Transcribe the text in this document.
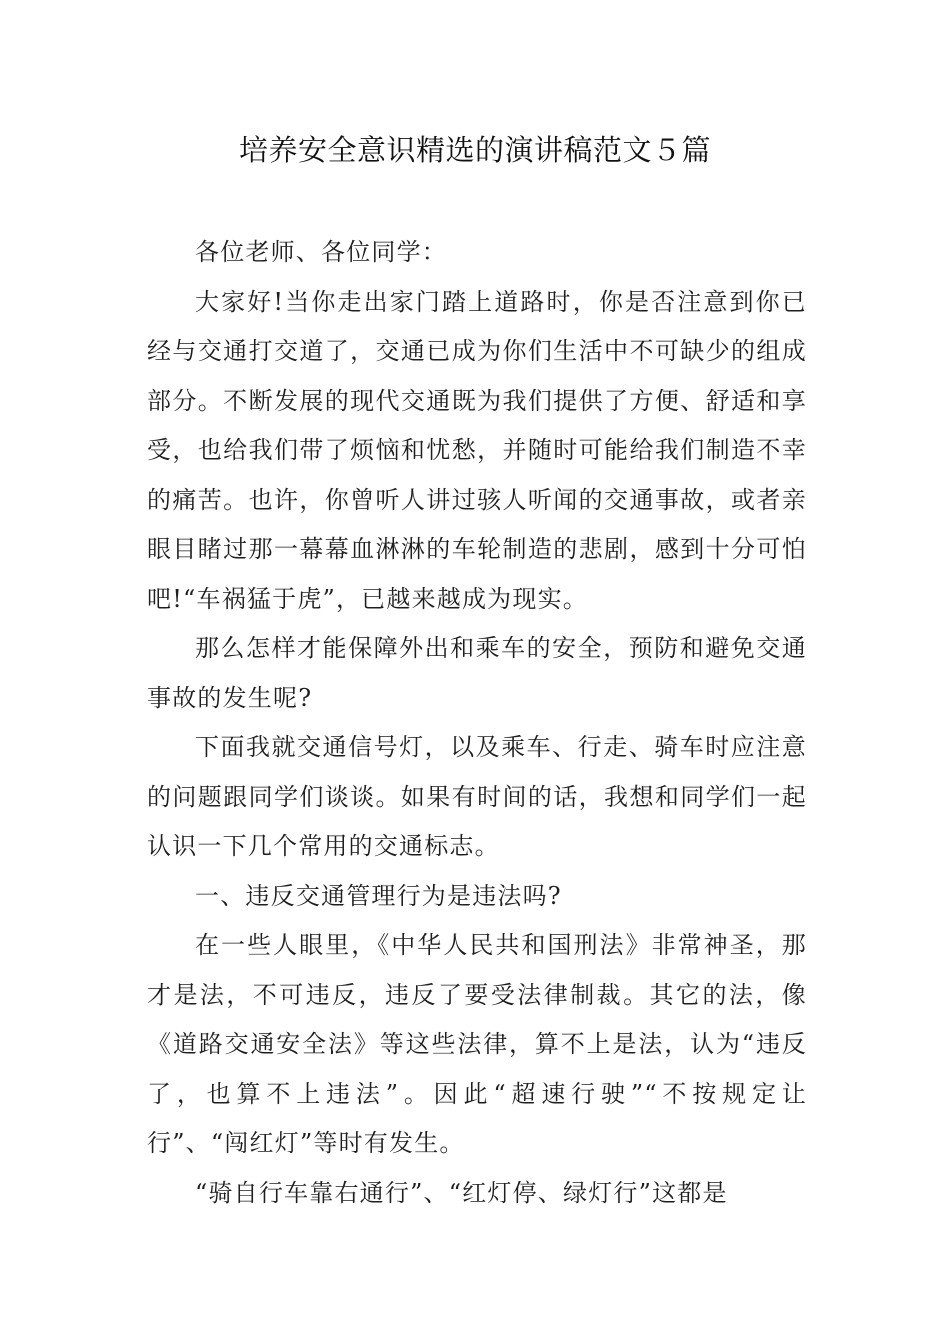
培养安全意识精选的演讲稿范文５篇

各位老师、各位同学：

大家好!当你走出家门踏上道路时，你是否注意到你已经与交通打交道了，交通已成为你们生活中不可缺少的组成部分。不断发展的现代交通既为我们提供了方便、舒适和享受，也给我们带了烦恼和忧愁，并随时可能给我们制造不幸的痛苦。也许，你曾听人讲过骇人听闻的交通事故，或者亲眼目睹过那一幕幕血淋淋的车轮制造的悲剧，感到十分可怕吧!“车祸猛于虎”，已越来越成为现实。

那么怎样才能保障外出和乘车的安全，预防和避免交通事故的发生呢?

下面我就交通信号灯，以及乘车、行走、骑车时应注意的问题跟同学们谈谈。如果有时间的话，我想和同学们一起认识一下几个常用的交通标志。

一、违反交通管理行为是违法吗?

在一些人眼里，《中华人民共和国刑法》非常神圣，那才是法，不可违反，违反了要受法律制裁。其它的法，像《道路交通安全法》等这些法律，算不上是法，认为“违反了，也算不上违法”。因此“超速行驶”“不按规定让行”、“闯红灯”等时有发生。

“骑自行车靠右通行”、“红灯停、绿灯行”这都是
